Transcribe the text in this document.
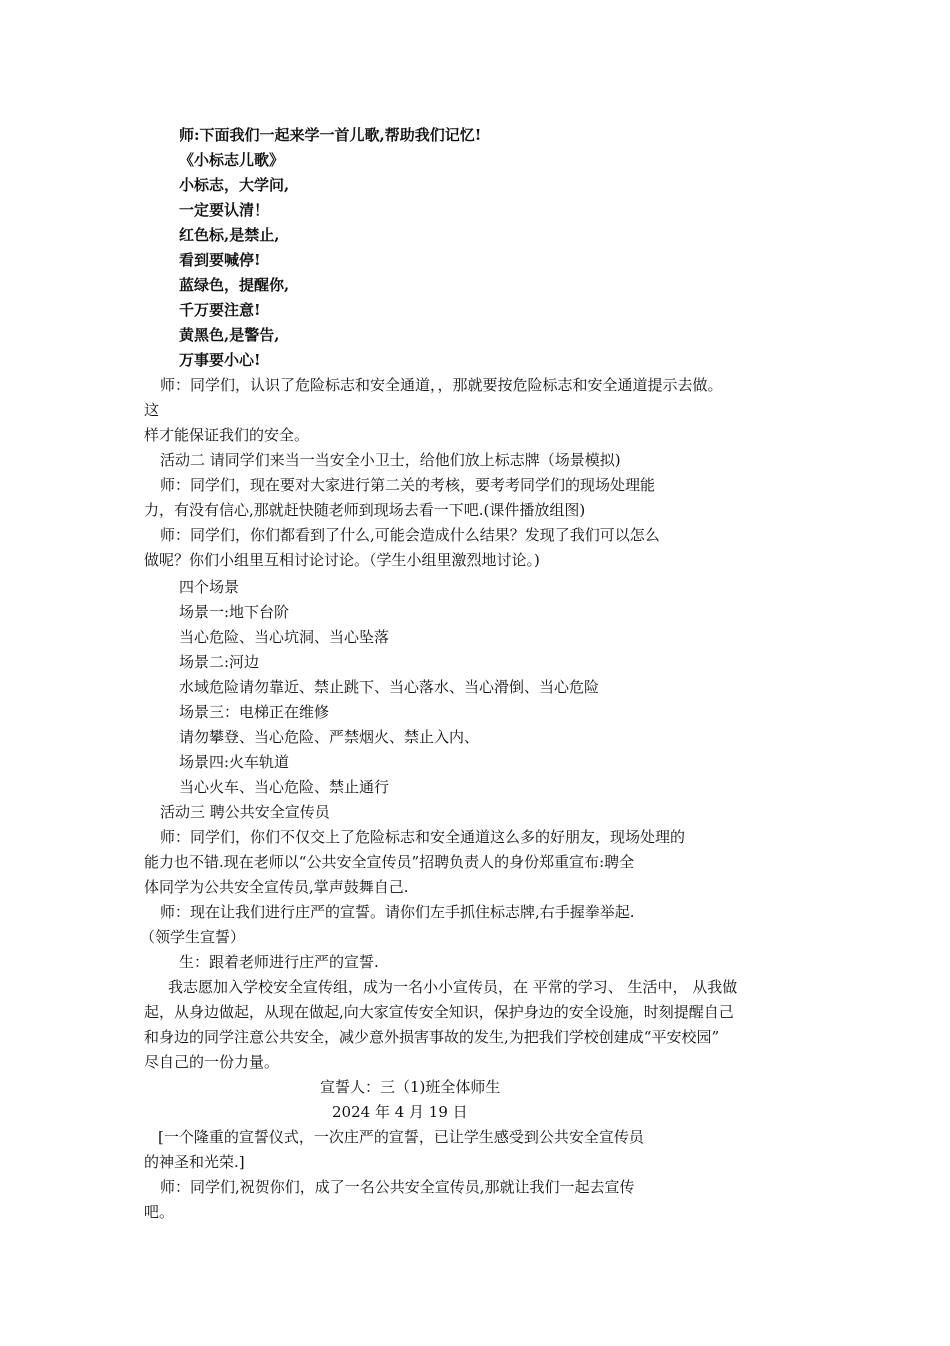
师:下面我们一起来学一首儿歌,帮助我们记忆!
《小标志儿歌》
小标志，大学问,
一定要认清！
红色标,是禁止,
看到要喊停!
蓝绿色，提醒你,
千万要注意!
黄黑色,是警告,
万事要小心!
师：同学们，认识了危险标志和安全通道，，那就要按危险标志和安全通道提示去做。
这
样才能保证我们的安全。
活动二 请同学们来当一当安全小卫士，给他们放上标志牌（场景模拟)
师：同学们，现在要对大家进行第二关的考核，要考考同学们的现场处理能
力，有没有信心,那就赶快随老师到现场去看一下吧.(课件播放组图)
师：同学们，你们都看到了什么,可能会造成什么结果？发现了我们可以怎么
做呢？你们小组里互相讨论讨论。（学生小组里激烈地讨论。)
四个场景
场景一:地下台阶
当心危险、当心坑洞、当心坠落
场景二:河边
水域危险请勿靠近、禁止跳下、当心落水、当心滑倒、当心危险
场景三：电梯正在维修
请勿攀登、当心危险、严禁烟火、禁止入内、
场景四:火车轨道
当心火车、当心危险、禁止通行
活动三 聘公共安全宣传员
师：同学们，你们不仅交上了危险标志和安全通道这么多的好朋友，现场处理的
能力也不错.现在老师以“公共安全宣传员”招聘负责人的身份郑重宣布:聘全
体同学为公共安全宣传员,掌声鼓舞自己.
师：现在让我们进行庄严的宣誓。请你们左手抓住标志牌,右手握拳举起.
（领学生宣誓）
生：跟着老师进行庄严的宣誓.
我志愿加入学校安全宣传组，成为一名小小宣传员，在 平常的学习、 生活中， 从我做
起，从身边做起，从现在做起,向大家宣传安全知识，保护身边的安全设施，时刻提醒自己
和身边的同学注意公共安全，减少意外损害事故的发生,为把我们学校创建成“平安校园”
尽自己的一份力量。
宣誓人：三（1)班全体师生
2024 年 4 月 19 日
[一个隆重的宣誓仪式，一次庄严的宣誓，已让学生感受到公共安全宣传员
的神圣和光荣.]
师：同学们,祝贺你们，成了一名公共安全宣传员,那就让我们一起去宣传
吧。
